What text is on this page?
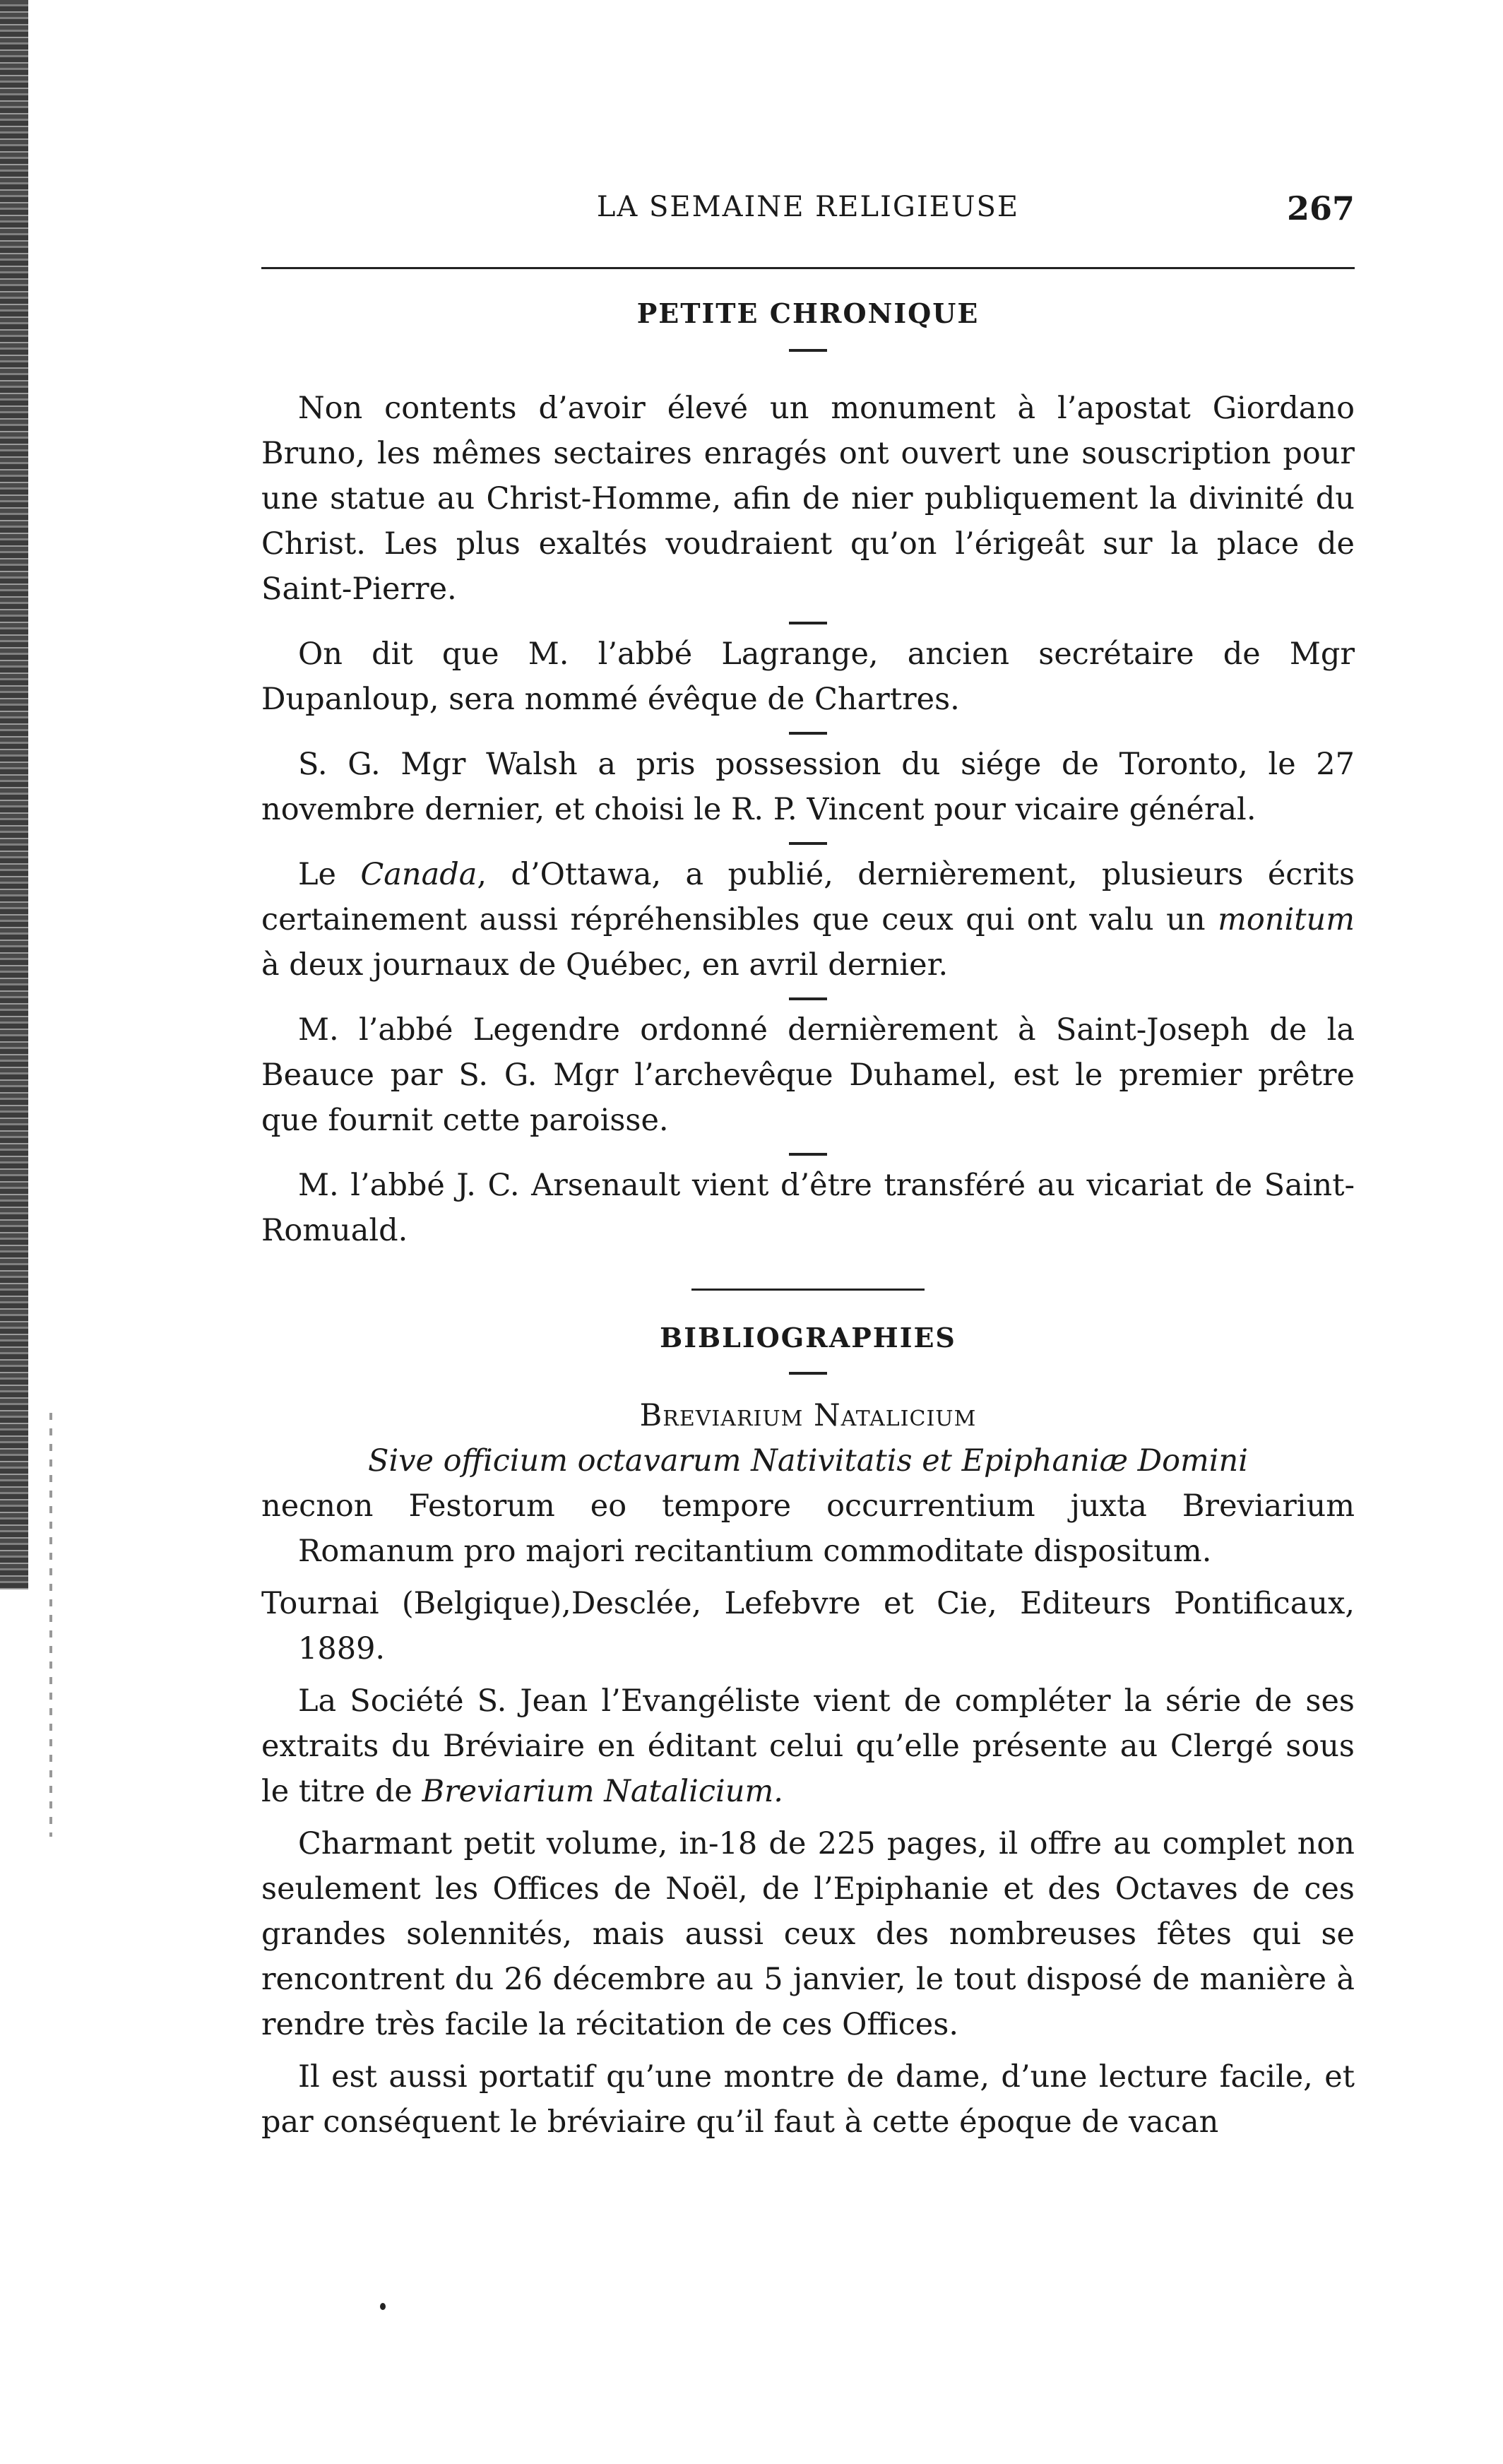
LA SEMAINE RELIGIEUSE	267
PETITE CHRONIQUE

Non contents d’avoir élevé un monument à l’apostat Giordano Bruno, les mêmes sectaires enragés ont ouvert une souscription pour une statue au Christ-Homme, afin de nier publiquement la divinité du Christ. Les plus exaltés voudraient qu’on l’érigeât sur la place de Saint-Pierre.

On dit que M. l’abbé Lagrange, ancien secrétaire de Mgr Dupanloup, sera nommé évêque de Chartres.

S. G. Mgr Walsh a pris possession du siége de Toronto, le 27 novembre dernier, et choisi le R. P. Vincent pour vicaire général.

Le Canada, d’Ottawa, a publié, dernièrement, plusieurs écrits certainement aussi répréhensibles que ceux qui ont valu un monitum à deux journaux de Québec, en avril dernier.

M. l’abbé Legendre ordonné dernièrement à Saint-Joseph de la Beauce par S. G. Mgr l’archevêque Duhamel, est le premier prêtre que fournit cette paroisse.

M. l’abbé J. C. Arsenault vient d’être transféré au vicariat de Saint-Romuald.

BIBLIOGRAPHIES

Breviarium Natalicium

Sive officium octavarum Nativitatis et Epiphaniæ Domini

necnon Festorum eo tempore occurrentium juxta Breviarium Romanum pro majori recitantium commoditate dispositum.

Tournai (Belgique),Desclée, Lefebvre et Cie, Editeurs Pontificaux, 1889.

La Société S. Jean l’Evangéliste vient de compléter la série de ses extraits du Bréviaire en éditant celui qu’elle présente au Clergé sous le titre de Breviarium Natalicium.

Charmant petit volume, in-18 de 225 pages, il offre au complet non seulement les Offices de Noël, de l’Epiphanie et des Octaves de ces grandes solennités, mais aussi ceux des nombreuses fêtes qui se rencontrent du 26 décembre au 5 janvier, le tout disposé de manière à rendre très facile la récitation de ces Offices.

Il est aussi portatif qu’une montre de dame, d’une lecture facile, et par conséquent le bréviaire qu’il faut à cette époque de vacan
